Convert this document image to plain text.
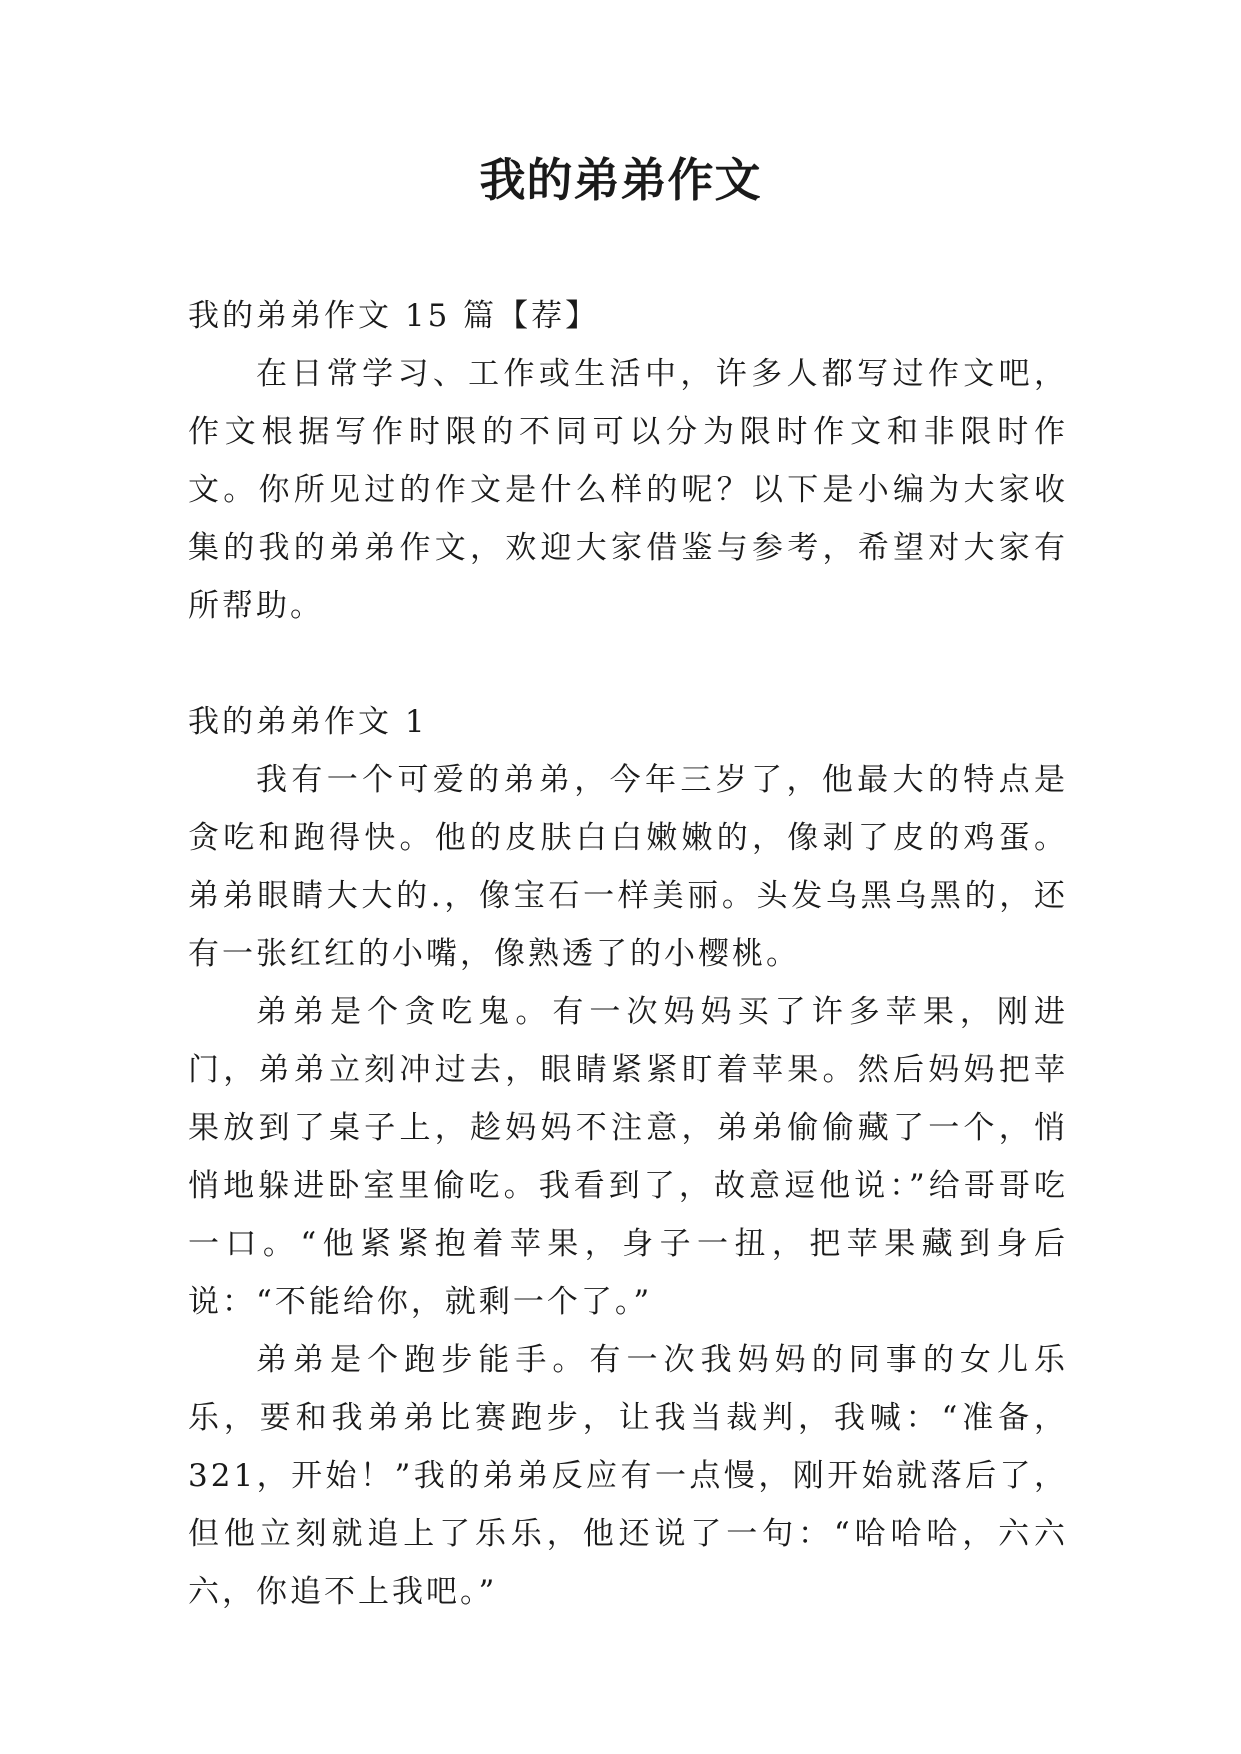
我的弟弟作文

我的弟弟作文 15 篇【荐】

在日常学习、工作或生活中，许多人都写过作文吧，作文根据写作时限的不同可以分为限时作文和非限时作文。你所见过的作文是什么样的呢？以下是小编为大家收集的我的弟弟作文，欢迎大家借鉴与参考，希望对大家有所帮助。

我的弟弟作文 1

我有一个可爱的弟弟，今年三岁了，他最大的特点是贪吃和跑得快。他的皮肤白白嫩嫩的，像剥了皮的鸡蛋。弟弟眼睛大大的.，像宝石一样美丽。头发乌黑乌黑的，还有一张红红的小嘴，像熟透了的小樱桃。

弟弟是个贪吃鬼。有一次妈妈买了许多苹果，刚进门，弟弟立刻冲过去，眼睛紧紧盯着苹果。然后妈妈把苹果放到了桌子上，趁妈妈不注意，弟弟偷偷藏了一个，悄悄地躲进卧室里偷吃。我看到了，故意逗他说：”给哥哥吃一口。“他紧紧抱着苹果，身子一扭，把苹果藏到身后说：“不能给你，就剩一个了。”

弟弟是个跑步能手。有一次我妈妈的同事的女儿乐乐，要和我弟弟比赛跑步，让我当裁判，我喊：“准备，321，开始！”我的弟弟反应有一点慢，刚开始就落后了，但他立刻就追上了乐乐，他还说了一句：“哈哈哈，六六六，你追不上我吧。”
